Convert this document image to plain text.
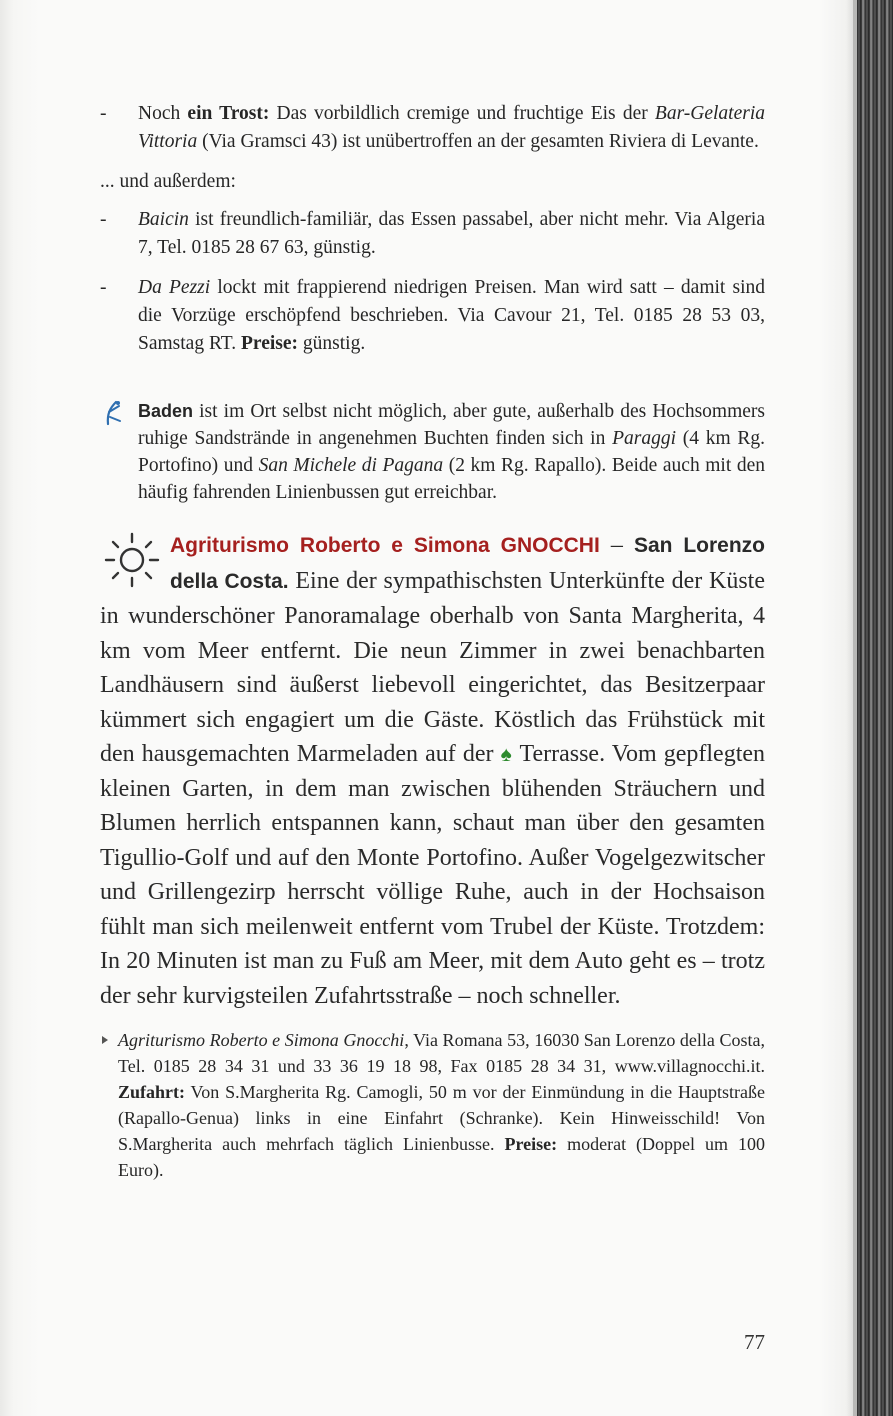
- Noch ein Trost: Das vorbildlich cremige und fruchtige Eis der Bar-Gelateria Vittoria (Via Gramsci 43) ist unübertroffen an der gesamten Riviera di Levante.
... und außerdem:
- Baicin ist freundlich-familiär, das Essen passabel, aber nicht mehr. Via Algeria 7, Tel. 0185 28 67 63, günstig.
- Da Pezzi lockt mit frappierend niedrigen Preisen. Man wird satt – damit sind die Vorzüge erschöpfend beschrieben. Via Cavour 21, Tel. 0185 28 53 03, Samstag RT. Preise: günstig.
Baden ist im Ort selbst nicht möglich, aber gute, außerhalb des Hochsommers ruhige Sandstrände in angenehmen Buchten finden sich in Paraggi (4 km Rg. Portofino) und San Michele di Pagana (2 km Rg. Rapallo). Beide auch mit den häufig fahrenden Linienbussen gut erreichbar.
Agriturismo Roberto e Simona GNOCCHI – San Lorenzo della Costa. Eine der sympathischsten Unterkünfte der Küste in wunderschöner Panoramalage oberhalb von Santa Margherita, 4 km vom Meer entfernt. Die neun Zimmer in zwei benachbarten Landhäusern sind äußerst liebevoll eingerichtet, das Besitzerpaar kümmert sich engagiert um die Gäste. Köstlich das Frühstück mit den hausgemachten Marmeladen auf der ♠ Terrasse. Vom gepflegten kleinen Garten, in dem man zwischen blühenden Sträuchern und Blumen herrlich entspannen kann, schaut man über den gesamten Tigullio-Golf und auf den Monte Portofino. Außer Vogelgezwitscher und Grillengezirp herrscht völlige Ruhe, auch in der Hochsaison fühlt man sich meilenweit entfernt vom Trubel der Küste. Trotzdem: In 20 Minuten ist man zu Fuß am Meer, mit dem Auto geht es – trotz der sehr kurvigsteilen Zufahrtsstraße – noch schneller.
Agriturismo Roberto e Simona Gnocchi, Via Romana 53, 16030 San Lorenzo della Costa, Tel. 0185 28 34 31 und 33 36 19 18 98, Fax 0185 28 34 31, www.villagnocchi.it. Zufahrt: Von S.Margherita Rg. Camogli, 50 m vor der Einmündung in die Hauptstraße (Rapallo-Genua) links in eine Einfahrt (Schranke). Kein Hinweisschild! Von S.Margherita auch mehrfach täglich Linienbusse. Preise: moderat (Doppel um 100 Euro).
77
